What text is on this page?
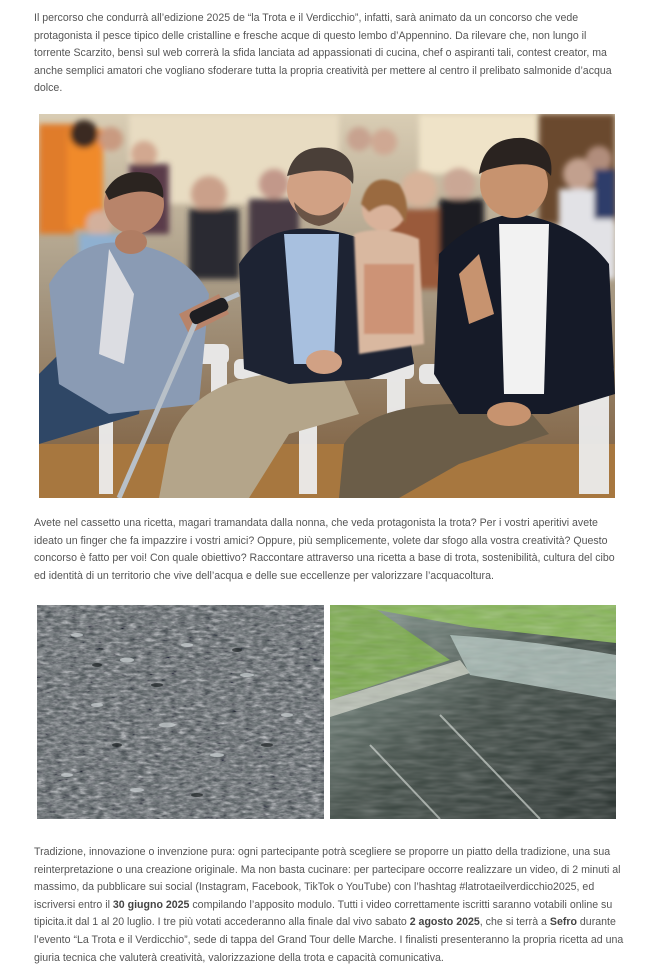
Il percorso che condurrà all’edizione 2025 de “la Trota e il Verdicchio”, infatti, sarà animato da un concorso che vede protagonista il pesce tipico delle cristalline e fresche acque di questo lembo d’Appennino. Da rilevare che, non lungo il torrente Scarzito, bensì sul web correrà la sfida lanciata ad appassionati di cucina, chef o aspiranti tali, contest creator, ma anche semplici amatori che vogliano sfoderare tutta la propria creatività per mettere al centro il prelibato salmonide d’acqua dolce.

Avete nel cassetto una ricetta, magari tramandata dalla nonna, che veda protagonista la trota? Per i vostri aperitivi avete ideato un finger che fa impazzire i vostri amici? Oppure, più semplicemente, volete dar sfogo alla vostra creatività? Questo concorso è fatto per voi! Con quale obiettivo? Raccontare attraverso una ricetta a base di trota, sostenibilità, cultura del cibo ed identità di un territorio che vive dell’acqua e delle sue eccellenze per valorizzare l’acquacoltura.

Tradizione, innovazione o invenzione pura: ogni partecipante potrà scegliere se proporre un piatto della tradizione, una sua reinterpretazione o una creazione originale. Ma non basta cucinare: per partecipare occorre realizzare un video, di 2 minuti al massimo, da pubblicare sui social (Instagram, Facebook, TikTok o YouTube) con l’hashtag #latrotaeilverdicchio2025, ed iscriversi entro il 30 giugno 2025 compilando l’apposito modulo. Tutti i video correttamente iscritti saranno votabili online su tipicita.it dal 1 al 20 luglio. I tre più votati accederanno alla finale dal vivo sabato 2 agosto 2025, che si terrà a Sefro durante l’evento “La Trota e il Verdicchio”, sede di tappa del Grand Tour delle Marche. I finalisti presenteranno la propria ricetta ad una giuria tecnica che valuterà creatività, valorizzazione della trota e capacità comunicativa.
